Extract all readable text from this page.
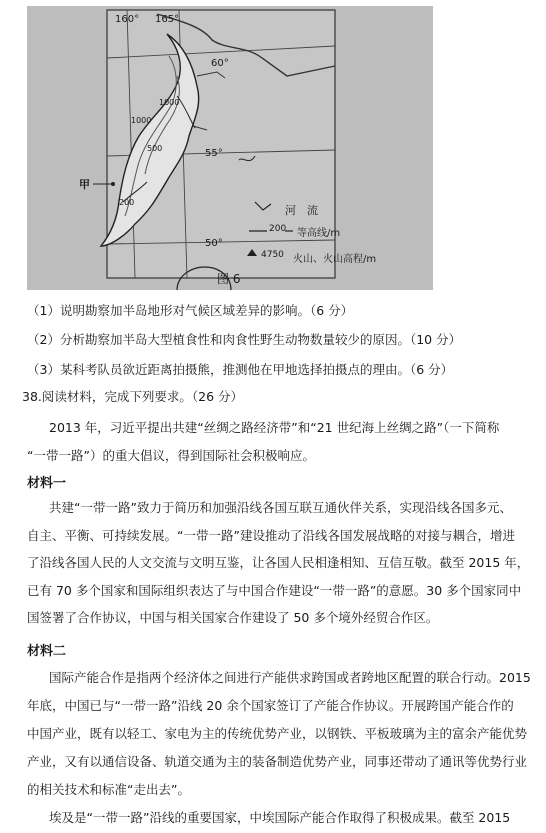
160° 165°
60°
55°
50°
1000
500
200
1000
甲
河　流
200 等高线/m
4750 火山、火山高程/m
图 6
（1）说明勘察加半岛地形对气候区域差异的影响。（6 分）
（2）分析勘察加半岛大型植食性和肉食性野生动物数量较少的原因。（10 分）
（3）某科考队员欲近距离拍摄熊，推测他在甲地选择拍摄点的理由。（6 分）
38.阅读材料，完成下列要求。（26 分）
2013 年，习近平提出共建“丝绸之路经济带”和“21 世纪海上丝绸之路”（一下简称
“一带一路”）的重大倡议，得到国际社会积极响应。
材料一
共建“一带一路”致力于简历和加强沿线各国互联互通伙伴关系，实现沿线各国多元、
自主、平衡、可持续发展。“一带一路”建设推动了沿线各国发展战略的对接与耦合，增进
了沿线各国人民的人文交流与文明互鉴，让各国人民相逢相知、互信互敬。截至 2015 年，
已有 70 多个国家和国际组织表达了与中国合作建设“一带一路”的意愿。30 多个国家同中
国签署了合作协议，中国与相关国家合作建设了 50 多个境外经贸合作区。
材料二
国际产能合作是指两个经济体之间进行产能供求跨国或者跨地区配置的联合行动。2015
年底，中国已与“一带一路”沿线 20 余个国家签订了产能合作协议。开展跨国产能合作的
中国产业，既有以轻工、家电为主的传统优势产业，以钢铁、平板玻璃为主的富余产能优势
产业，又有以通信设备、轨道交通为主的装备制造优势产业，同事还带动了通讯等优势行业
的相关技术和标准“走出去”。
埃及是“一带一路”沿线的重要国家，中埃国际产能合作取得了积极成果。截至 2015
